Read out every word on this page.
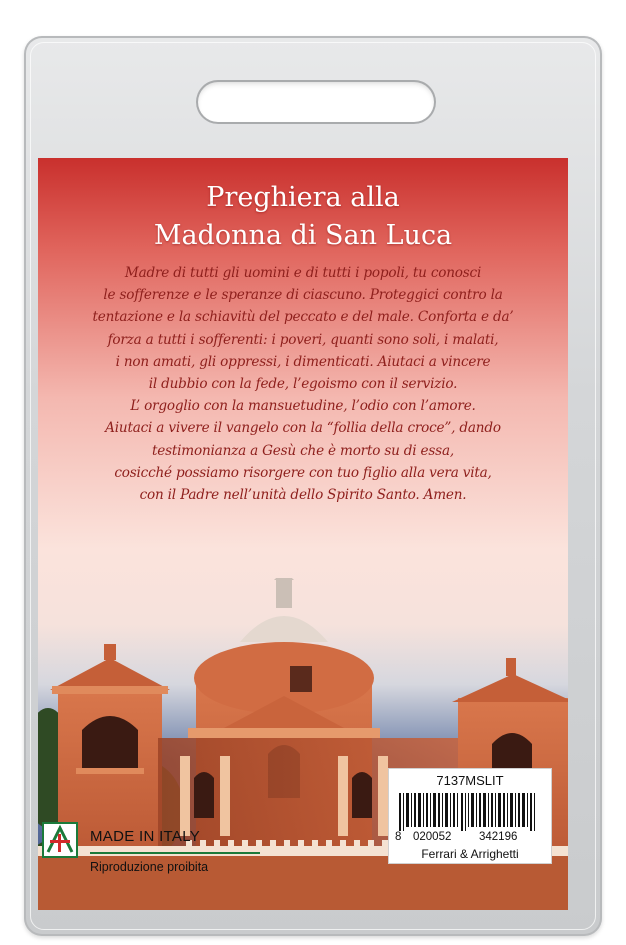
Preghiera alla
Madonna di San Luca
Madre di tutti gli uomini e di tutti i popoli, tu conosci
le sofferenze e le speranze di ciascuno. Proteggici contro la
tentazione e la schiavitù del peccato e del male. Conforta e da’
forza a tutti i sofferenti: i poveri, quanti sono soli, i malati,
i non amati, gli oppressi, i dimenticati. Aiutaci a vincere
il dubbio con la fede, l’egoismo con il servizio.
L’ orgoglio con la mansuetudine, l’odio con l’amore.
Aiutaci a vivere il vangelo con la “follia della croce”, dando
testimonianza a Gesù che è morto su di essa,
cosicché possiamo risorgere con tuo figlio alla vera vita,
con il Padre nell’unità dello Spirito Santo. Amen.
MADE IN ITALY
Riproduzione proibita
7137MSLIT
8 020052 342196
Ferrari & Arrighetti
